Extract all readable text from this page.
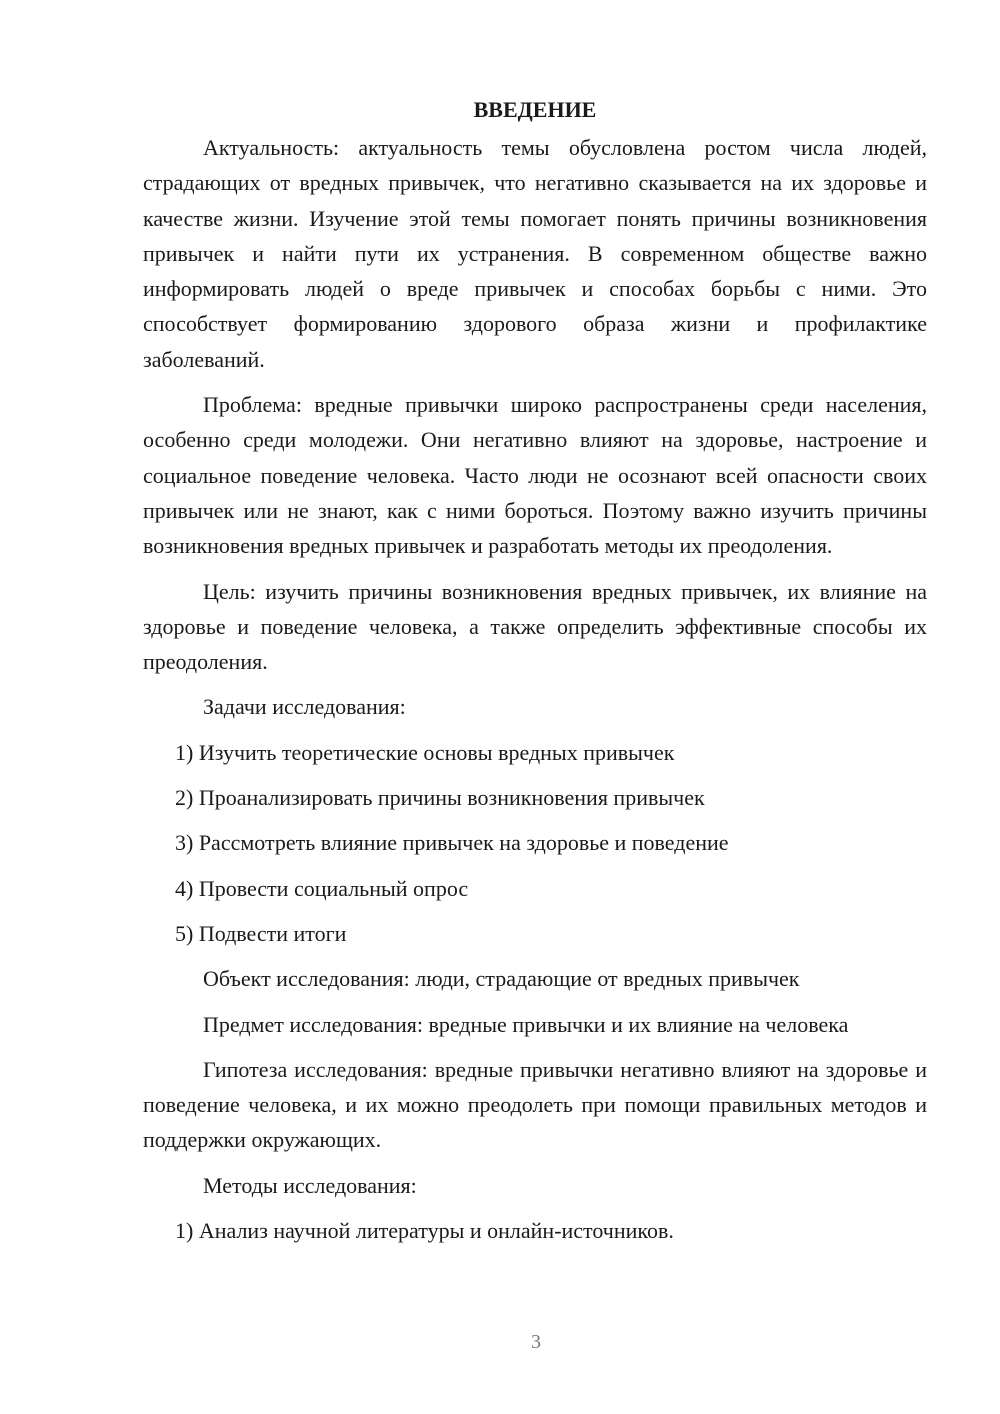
ВВЕДЕНИЕ

Актуальность: актуальность темы обусловлена ростом числа людей, страдающих от вредных привычек, что негативно сказывается на их здоровье и качестве жизни. Изучение этой темы помогает понять причины возникновения привычек и найти пути их устранения. В современном обществе важно информировать людей о вреде привычек и способах борьбы с ними. Это способствует формированию здорового образа жизни и профилактике заболеваний.

Проблема: вредные привычки широко распространены среди населения, особенно среди молодежи. Они негативно влияют на здоровье, настроение и социальное поведение человека. Часто люди не осознают всей опасности своих привычек или не знают, как с ними бороться. Поэтому важно изучить причины возникновения вредных привычек и разработать методы их преодоления.

Цель: изучить причины возникновения вредных привычек, их влияние на здоровье и поведение человека, а также определить эффективные способы их преодоления.

Задачи исследования:
1) Изучить теоретические основы вредных привычек
2) Проанализировать причины возникновения привычек
3) Рассмотреть влияние привычек на здоровье и поведение
4) Провести социальный опрос
5) Подвести итоги
Объект исследования: люди, страдающие от вредных привычек
Предмет исследования: вредные привычки и их влияние на человека

Гипотеза исследования: вредные привычки негативно влияют на здоровье и поведение человека, и их можно преодолеть при помощи правильных методов и поддержки окружающих.

Методы исследования:
1) Анализ научной литературы и онлайн-источников.
3
